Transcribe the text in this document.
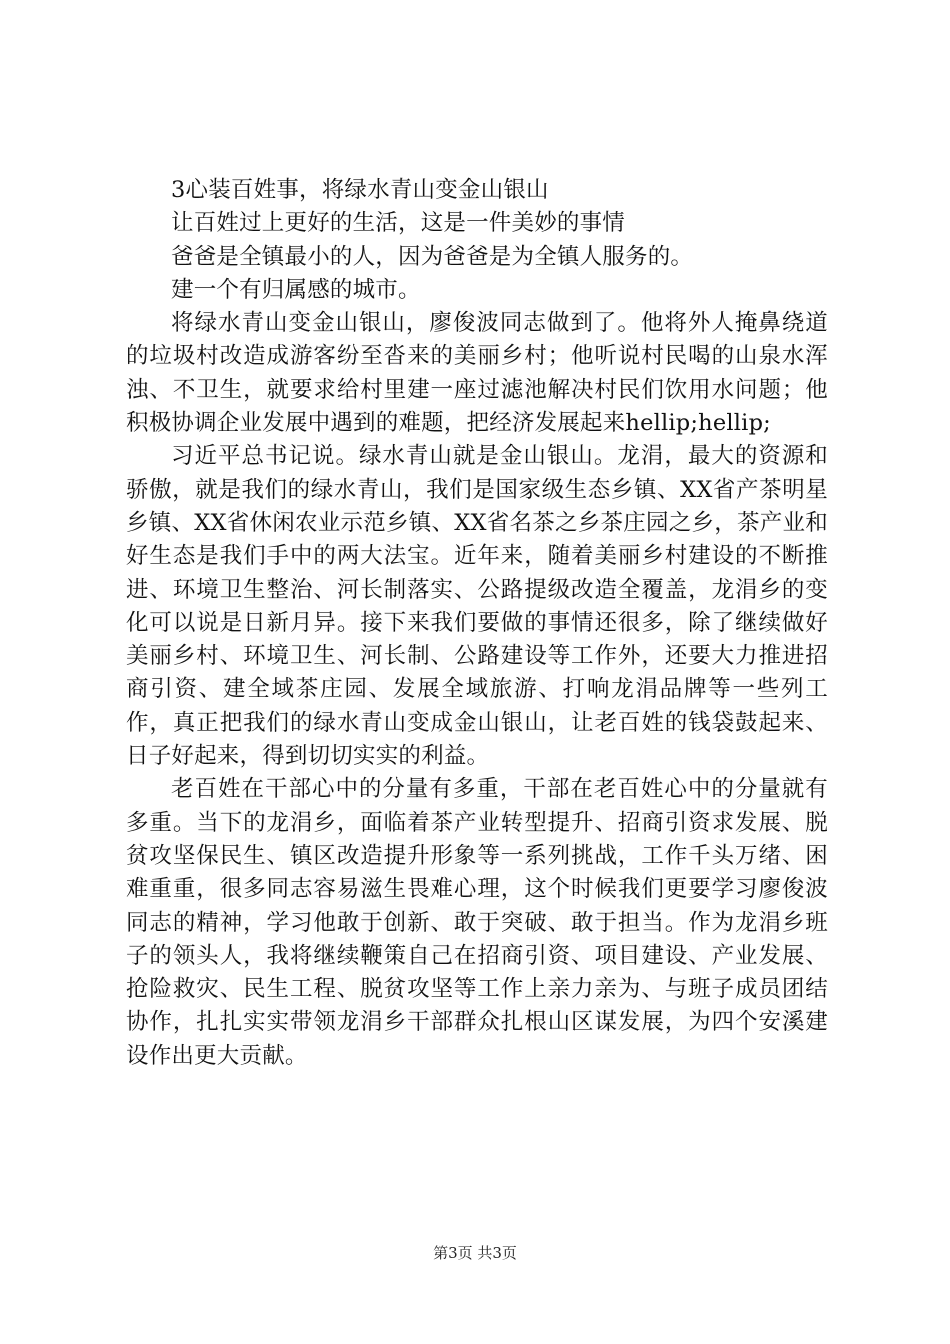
3心装百姓事，将绿水青山变金山银山

让百姓过上更好的生活，这是一件美妙的事情

爸爸是全镇最小的人，因为爸爸是为全镇人服务的。

建一个有归属感的城市。

将绿水青山变金山银山，廖俊波同志做到了。他将外人掩鼻绕道的垃圾村改造成游客纷至沓来的美丽乡村；他听说村民喝的山泉水浑浊、不卫生，就要求给村里建一座过滤池解决村民们饮用水问题；他积极协调企业发展中遇到的难题，把经济发展起来hellip;hellip;

习近平总书记说。绿水青山就是金山银山。龙涓，最大的资源和骄傲，就是我们的绿水青山，我们是国家级生态乡镇、XX省产茶明星乡镇、XX省休闲农业示范乡镇、XX省名茶之乡茶庄园之乡，茶产业和好生态是我们手中的两大法宝。近年来，随着美丽乡村建设的不断推进、环境卫生整治、河长制落实、公路提级改造全覆盖，龙涓乡的变化可以说是日新月异。接下来我们要做的事情还很多，除了继续做好美丽乡村、环境卫生、河长制、公路建设等工作外，还要大力推进招商引资、建全域茶庄园、发展全域旅游、打响龙涓品牌等一些列工作，真正把我们的绿水青山变成金山银山，让老百姓的钱袋鼓起来、日子好起来，得到切切实实的利益。

老百姓在干部心中的分量有多重，干部在老百姓心中的分量就有多重。当下的龙涓乡，面临着茶产业转型提升、招商引资求发展、脱贫攻坚保民生、镇区改造提升形象等一系列挑战，工作千头万绪、困难重重，很多同志容易滋生畏难心理，这个时候我们更要学习廖俊波同志的精神，学习他敢于创新、敢于突破、敢于担当。作为龙涓乡班子的领头人，我将继续鞭策自己在招商引资、项目建设、产业发展、抢险救灾、民生工程、脱贫攻坚等工作上亲力亲为、与班子成员团结协作，扎扎实实带领龙涓乡干部群众扎根山区谋发展，为四个安溪建设作出更大贡献。

第3页 共3页
